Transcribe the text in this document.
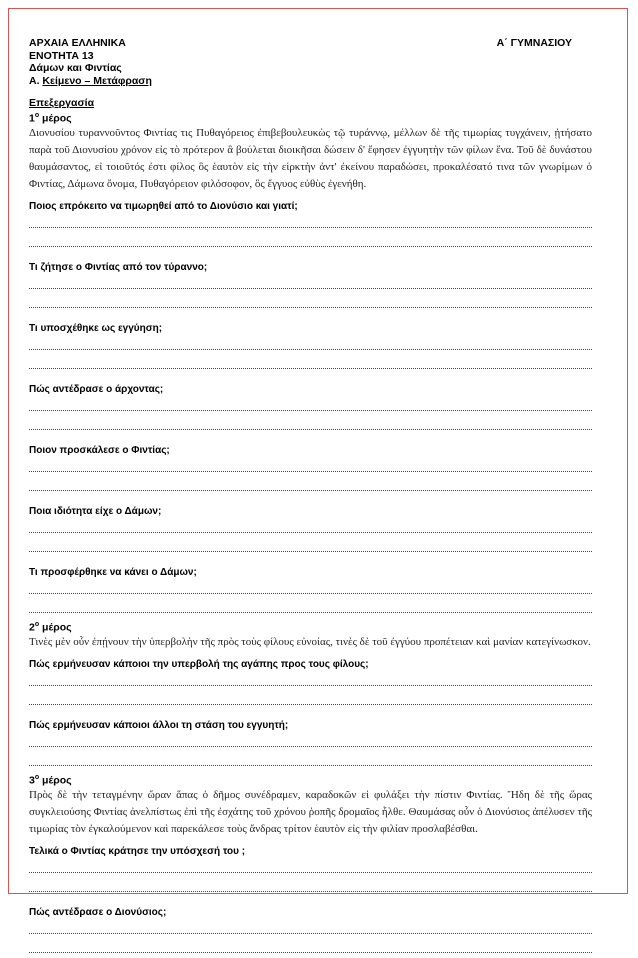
ΑΡΧΑΙΑ ΕΛΛΗΝΙΚΑ	Α΄ ΓΥΜΝΑΣΙΟΥ
ΕΝΟΤΗΤΑ 13
Δάμων και Φιντίας
Α. Κείμενο – Μετάφραση
Επεξεργασία
$1^o$ μέρος
Διονυσίου τυραννοῦντος Φιντίας τις Πυθαγόρειος ἐπιβεβουλευκὼς τῷ τυράννῳ, μέλλων δὲ τῆς τιμωρίας τυγχάνειν, ᾐτήσατο παρὰ τοῦ Διονυσίου χρόνον εἰς τὸ πρότερον ἃ βούλεται διοικῆσαι δώσειν δ' ἔφησεν ἐγγυητὴν τῶν φίλων ἕνα. Τοῦ δὲ δυνάστου θαυμάσαντος, εἰ τοιοῦτός ἐστι φίλος ὃς ἑαυτὸν εἰς τὴν εἱρκτὴν ἀντ' ἐκείνου παραδώσει, προκαλέσατό τινα τῶν γνωρίμων ὁ Φιντίας, Δάμωνα ὄνομα, Πυθαγόρειον φιλόσοφον, ὃς ἔγγυος εὐθὺς ἐγενήθη.
Ποιος επρόκειτο να τιμωρηθεί από το Διονύσιο και γιατί;
Τι ζήτησε ο Φιντίας από τον τύραννο;
Τι υποσχέθηκε ως εγγύηση;
Πώς αντέδρασε ο άρχοντας;
Ποιον προσκάλεσε ο Φιντίας;
Ποια ιδιότητα είχε ο Δάμων;
Τι προσφέρθηκε να κάνει ο Δάμων;
$2^o$ μέρος
Τινὲς μὲν οὖν ἐπῄνουν τὴν ὑπερβολὴν τῆς πρὸς τοὺς φίλους εὐνοίας, τινὲς δὲ τοῦ ἐγγύου προπέτειαν καὶ μανίαν κατεγίνωσκον.
Πώς ερμήνευσαν κάποιοι την υπερβολή της αγάπης προς τους φίλους;
Πώς ερμήνευσαν κάποιοι άλλοι τη στάση του εγγυητή;
$3^o$ μέρος
Πρὸς δὲ τὴν τεταγμένην ὥραν ἅπας ὁ δῆμος συνέδραμεν, καραδοκῶν εἰ φυλάξει τὴν πίστιν Φιντίας. Ἤδη δὲ τῆς ὥρας συγκλειούσης Φιντίας ἀνελπίστως ἐπὶ τῆς ἐσχάτης τοῦ χρόνου ῥοπῆς δρομαῖος ἦλθε. Θαυμάσας οὖν ὁ Διονύσιος ἀπέλυσεν τῆς τιμωρίας τὸν ἐγκαλούμενον καὶ παρεκάλεσε τοὺς ἄνδρας τρίτον ἑαυτὸν εἰς τὴν φιλίαν προσλαβέσθαι.
Τελικά ο Φιντίας κράτησε την υπόσχεσή του ;
Πώς αντέδρασε ο Διονύσιος;
